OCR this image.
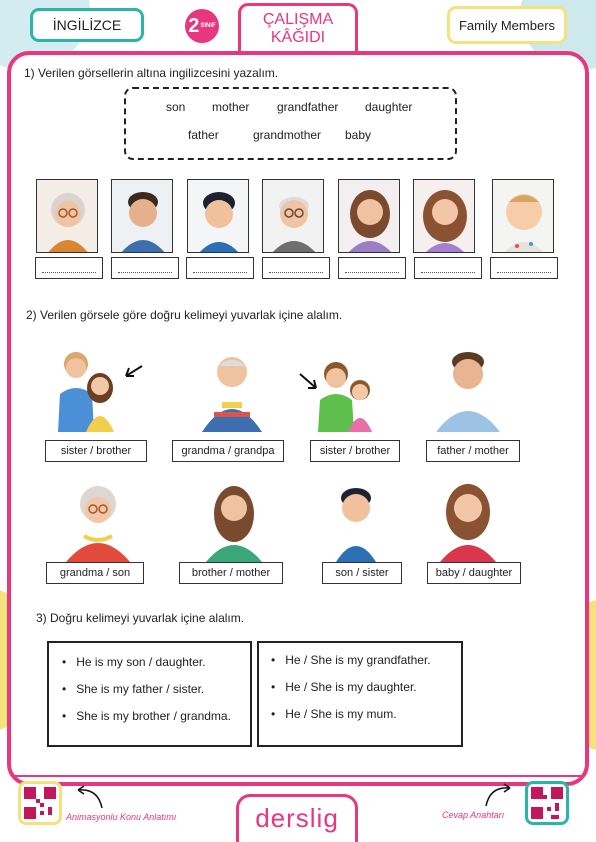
İNGİLİZCE	2 SINIF	ÇALIŞMA
KÂĞIDI
Family Members
1) Verilen görsellerin altına ingilizcesini yazalım.
son mother grandfather daughter
father	grandmother baby
2) Verilen görsele göre doğru kelimeyi yuvarlak içine alalım.
sister / brother	grandma / grandpa	sister / brother	father / mother
grandma / son	brother / mother	son / sister	baby / daughter
3) Doğru kelimeyi yuvarlak içine alalım.
• He is my son / daughter.
• She is my father / sister.
• She is my brother / grandma.
• He / She is my grandfather.
• He / She is my daughter.
• He / She is my mum.
Animasyonlu Konu Anlatımı	derslig	Cevap Anahtarı
